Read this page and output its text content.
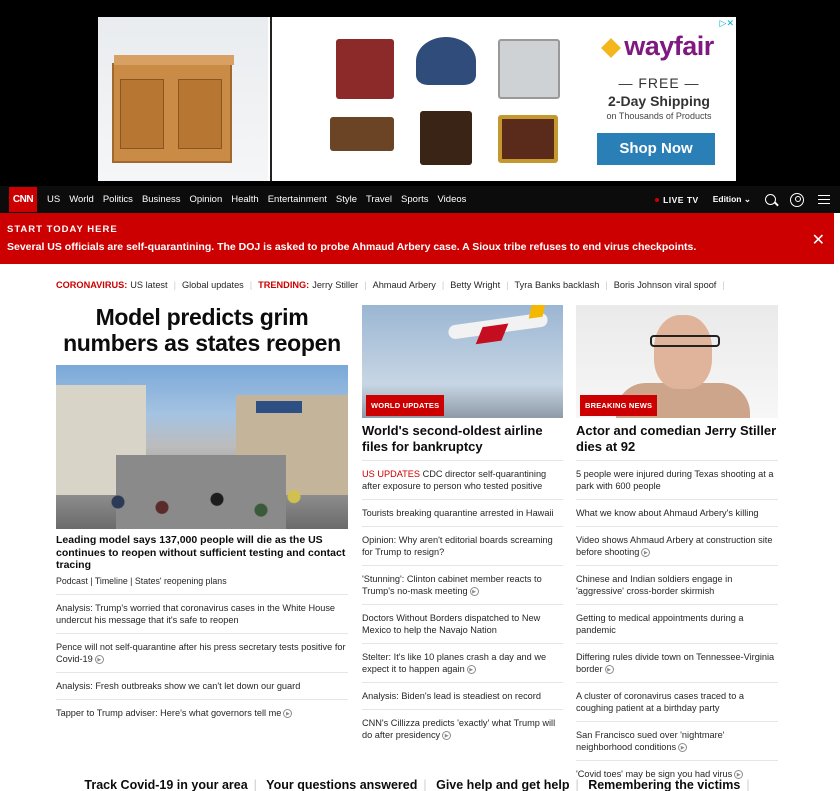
wayfair
— FREE —
2-Day Shipping
on Thousands of Products
Shop Now
▷✕
CNN	US World Politics Business Opinion Health Entertainment Style Travel Sports Videos	LIVE TV Edition ⌄
START TODAY HERE
Several US officials are self-quarantining. The DOJ is asked to probe Ahmaud Arbery case. A Sioux tribe refuses to end virus checkpoints.	✕
CORONAVIRUS: US latest | Global updates | TRENDING: Jerry Stiller | Ahmaud Arbery | Betty Wright | Tyra Banks backlash | Boris Johnson viral spoof |
Model predicts grim numbers as states reopen
Leading model says 137,000 people will die as the US continues to reopen without sufficient testing and contact tracing
Podcast | Timeline | States' reopening plans
Analysis: Trump's worried that coronavirus cases in the White House undercut his message that it's safe to reopen
Pence will not self-quarantine after his press secretary tests positive for Covid-19 ▶
Analysis: Fresh outbreaks show we can't let down our guard
Tapper to Trump adviser: Here's what governors tell me ▶
WORLD UPDATES
World's second-oldest airline files for bankruptcy
US UPDATES CDC director self-quarantining after exposure to person who tested positive
Tourists breaking quarantine arrested in Hawaii
Opinion: Why aren't editorial boards screaming for Trump to resign?
'Stunning': Clinton cabinet member reacts to Trump's no-mask meeting ▶
Doctors Without Borders dispatched to New Mexico to help the Navajo Nation
Stelter: It's like 10 planes crash a day and we expect it to happen again ▶
Analysis: Biden's lead is steadiest on record
CNN's Cillizza predicts 'exactly' what Trump will do after presidency ▶
BREAKING NEWS
Actor and comedian Jerry Stiller dies at 92
5 people were injured during Texas shooting at a park with 600 people
What we know about Ahmaud Arbery's killing
Video shows Ahmaud Arbery at construction site before shooting ▶
Chinese and Indian soldiers engage in 'aggressive' cross-border skirmish
Getting to medical appointments during a pandemic
Differing rules divide town on Tennessee-Virginia border ▶
A cluster of coronavirus cases traced to a coughing patient at a birthday party
San Francisco sued over 'nightmare' neighborhood conditions ▶
'Covid toes' may be sign you had virus ▶
Track Covid-19 in your area | Your questions answered | Give help and get help | Remembering the victims |
